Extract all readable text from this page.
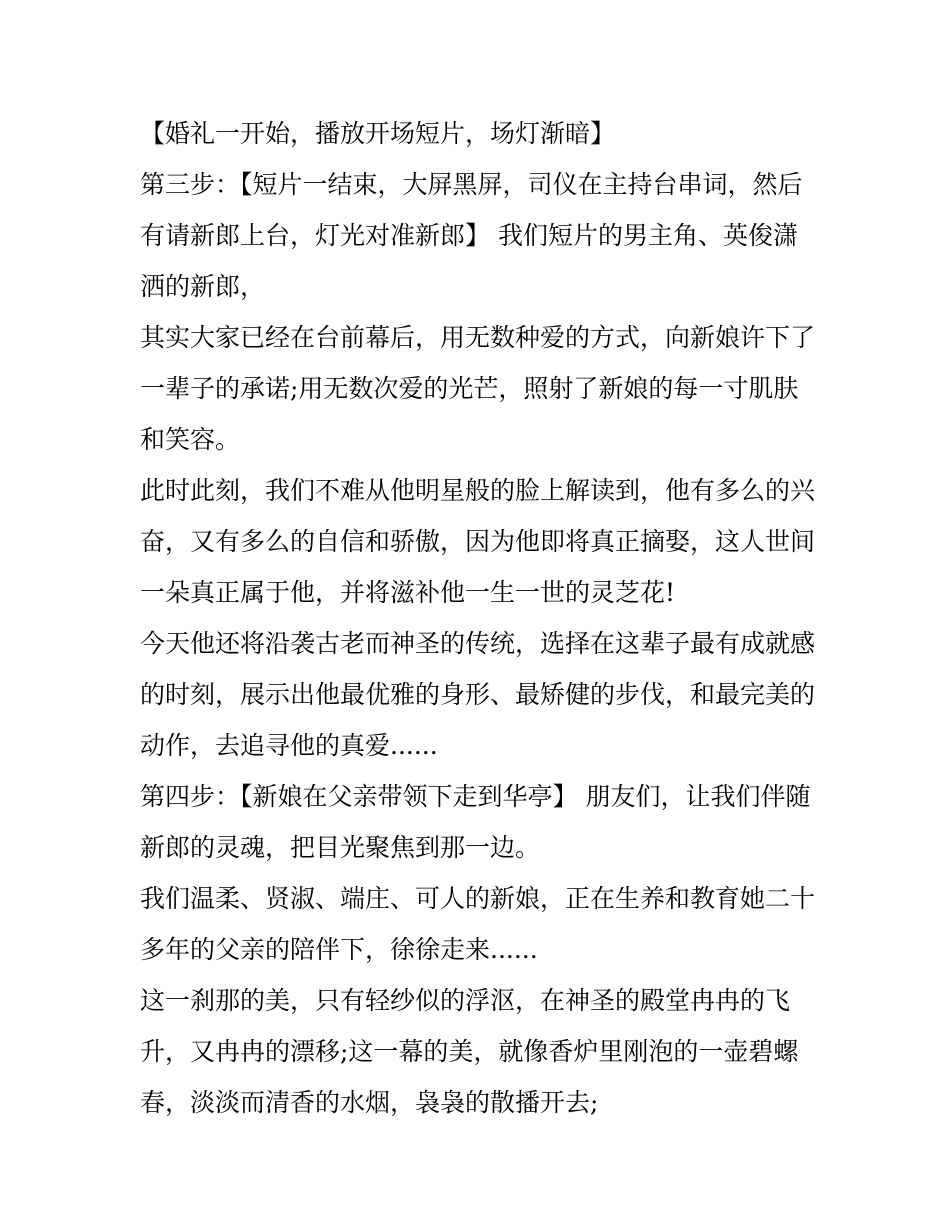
【婚礼一开始，播放开场短片，场灯渐暗】

第三步：【短片一结束，大屏黑屏，司仪在主持台串词，然后有请新郎上台，灯光对准新郎】 我们短片的男主角、英俊潇洒的新郎，

其实大家已经在台前幕后，用无数种爱的方式，向新娘许下了一辈子的承诺;用无数次爱的光芒，照射了新娘的每一寸肌肤和笑容。

此时此刻，我们不难从他明星般的脸上解读到，他有多么的兴奋，又有多么的自信和骄傲，因为他即将真正摘娶，这人世间一朵真正属于他，并将滋补他一生一世的灵芝花!

今天他还将沿袭古老而神圣的传统，选择在这辈子最有成就感的时刻，展示出他最优雅的身形、最矫健的步伐，和最完美的动作，去追寻他的真爱......

第四步：【新娘在父亲带领下走到华亭】 朋友们，让我们伴随新郎的灵魂，把目光聚焦到那一边。

我们温柔、贤淑、端庄、可人的新娘，正在生养和教育她二十多年的父亲的陪伴下，徐徐走来......

这一刹那的美，只有轻纱似的浮沤，在神圣的殿堂冉冉的飞升，又冉冉的漂移;这一幕的美，就像香炉里刚泡的一壶碧螺春，淡淡而清香的水烟，袅袅的散播开去;
